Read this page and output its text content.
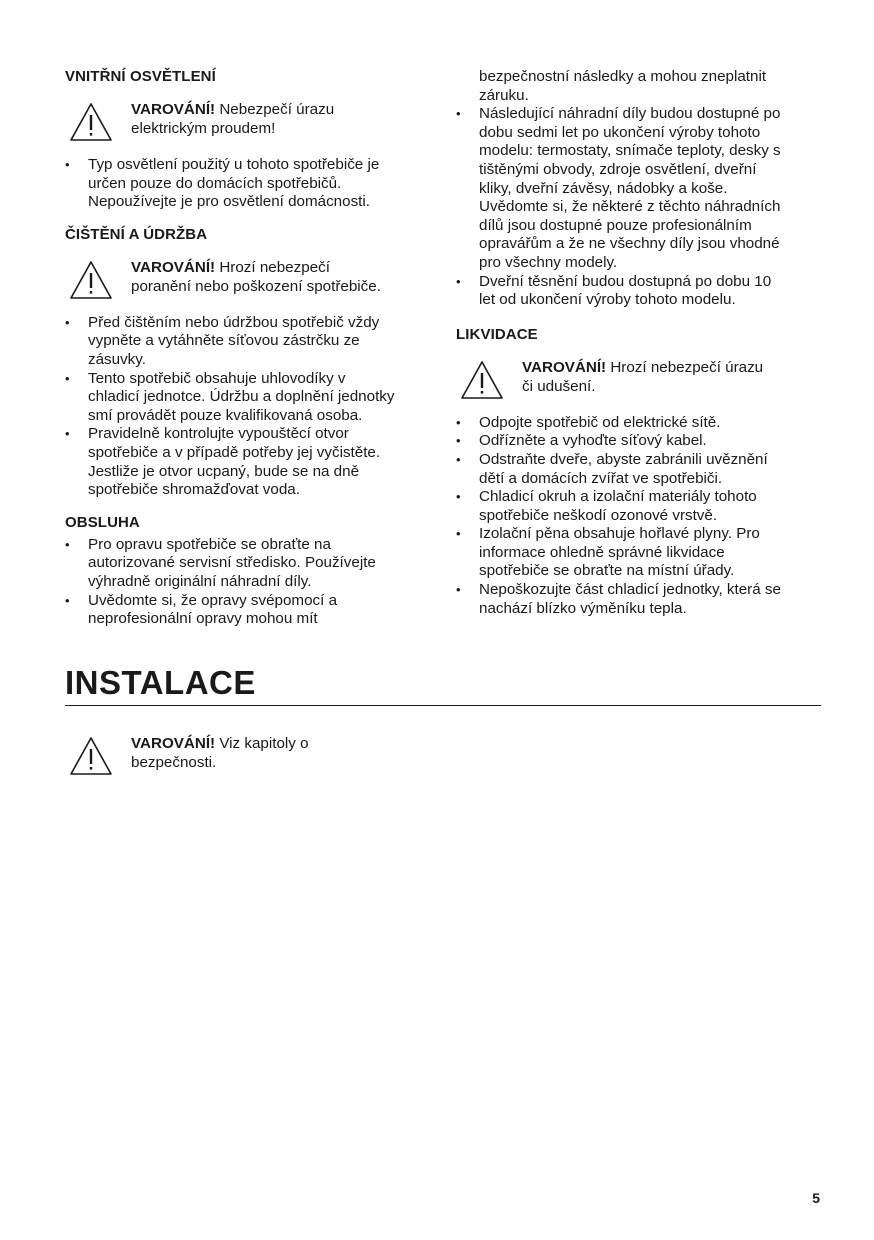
VNITŘNÍ OSVĚTLENÍ
VAROVÁNÍ! Nebezpečí úrazu
elektrickým proudem!
• Typ osvětlení použitý u tohoto spotřebiče je
určen pouze do domácích spotřebičů.
Nepoužívejte je pro osvětlení domácnosti.
ČIŠTĚNÍ A ÚDRŽBA
VAROVÁNÍ! Hrozí nebezpečí
poranění nebo poškození spotřebiče.
• Před čištěním nebo údržbou spotřebič vždy
vypněte a vytáhněte síťovou zástrčku ze
zásuvky.
• Tento spotřebič obsahuje uhlovodíky v
chladicí jednotce. Údržbu a doplnění jednotky
smí provádět pouze kvalifikovaná osoba.
• Pravidelně kontrolujte vypouštěcí otvor
spotřebiče a v případě potřeby jej vyčistěte.
Jestliže je otvor ucpaný, bude se na dně
spotřebiče shromažďovat voda.
OBSLUHA
• Pro opravu spotřebiče se obraťte na
autorizované servisní středisko. Používejte
výhradně originální náhradní díly.
• Uvědomte si, že opravy svépomocí a
neprofesionální opravy mohou mít
bezpečnostní následky a mohou zneplatnit
záruku.
• Následující náhradní díly budou dostupné po
dobu sedmi let po ukončení výroby tohoto
modelu: termostaty, snímače teploty, desky s
tištěnými obvody, zdroje osvětlení, dveřní
kliky, dveřní závěsy, nádobky a koše.
Uvědomte si, že některé z těchto náhradních
dílů jsou dostupné pouze profesionálním
opravářům a že ne všechny díly jsou vhodné
pro všechny modely.
• Dveřní těsnění budou dostupná po dobu 10
let od ukončení výroby tohoto modelu.
LIKVIDACE
VAROVÁNÍ! Hrozí nebezpečí úrazu
či udušení.
• Odpojte spotřebič od elektrické sítě.
• Odřízněte a vyhoďte síťový kabel.
• Odstraňte dveře, abyste zabránili uvěznění
dětí a domácích zvířat ve spotřebiči.
• Chladicí okruh a izolační materiály tohoto
spotřebiče neškodí ozonové vrstvě.
• Izolační pěna obsahuje hořlavé plyny. Pro
informace ohledně správné likvidace
spotřebiče se obraťte na místní úřady.
• Nepoškozujte část chladicí jednotky, která se
nachází blízko výměníku tepla.
INSTALACE
VAROVÁNÍ! Viz kapitoly o
bezpečnosti.
5
